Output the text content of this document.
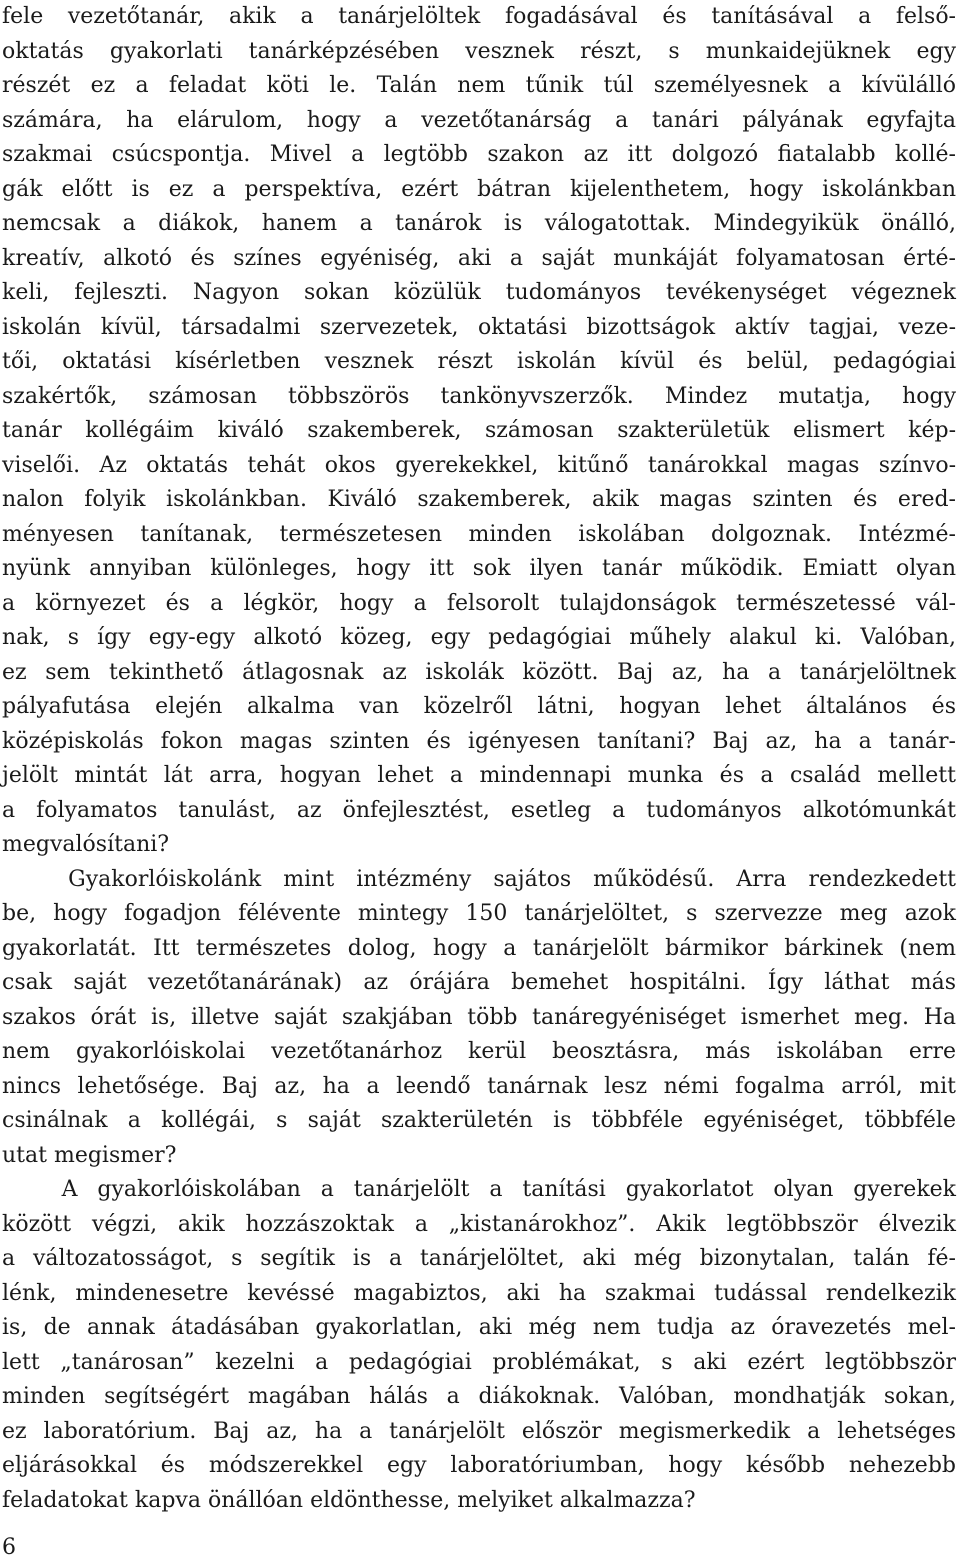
fele vezetőtanár, akik a tanárjelöltek fogadásával és tanításával a felső-
oktatás gyakorlati tanárképzésében vesznek részt, s munkaidejüknek egy
részét ez a feladat köti le. Talán nem tűnik túl személyesnek a kívülálló
számára, ha elárulom, hogy a vezetőtanárság a tanári pályának egyfajta
szakmai csúcspontja. Mivel a legtöbb szakon az itt dolgozó fiatalabb kollé-
gák előtt is ez a perspektíva, ezért bátran kijelenthetem, hogy iskolánkban
nemcsak a diákok, hanem a tanárok is válogatottak. Mindegyikük önálló,
kreatív, alkotó és színes egyéniség, aki a saját munkáját folyamatosan érté-
keli, fejleszti. Nagyon sokan közülük tudományos tevékenységet végeznek
iskolán kívül, társadalmi szervezetek, oktatási bizottságok aktív tagjai, veze-
tői, oktatási kísérletben vesznek részt iskolán kívül és belül, pedagógiai
szakértők, számosan többszörös tankönyvszerzők. Mindez mutatja, hogy
tanár kollégáim kiváló szakemberek, számosan szakterületük elismert kép-
viselői. Az oktatás tehát okos gyerekekkel, kitűnő tanárokkal magas színvo-
nalon folyik iskolánkban. Kiváló szakemberek, akik magas szinten és ered-
ményesen tanítanak, természetesen minden iskolában dolgoznak. Intézmé-
nyünk annyiban különleges, hogy itt sok ilyen tanár működik. Emiatt olyan
a környezet és a légkör, hogy a felsorolt tulajdonságok természetessé vál-
nak, s így egy-egy alkotó közeg, egy pedagógiai műhely alakul ki. Valóban,
ez sem tekinthető átlagosnak az iskolák között. Baj az, ha a tanárjelöltnek
pályafutása elején alkalma van közelről látni, hogyan lehet általános és
középiskolás fokon magas szinten és igényesen tanítani? Baj az, ha a tanár-
jelölt mintát lát arra, hogyan lehet a mindennapi munka és a család mellett
a folyamatos tanulást, az önfejlesztést, esetleg a tudományos alkotómunkát
megvalósítani?
Gyakorlóiskolánk mint intézmény sajátos működésű. Arra rendezkedett
be, hogy fogadjon félévente mintegy 150 tanárjelöltet, s szervezze meg azok
gyakorlatát. Itt természetes dolog, hogy a tanárjelölt bármikor bárkinek (nem
csak saját vezetőtanárának) az órájára bemehet hospitálni. Így láthat más
szakos órát is, illetve saját szakjában több tanáregyéniséget ismerhet meg. Ha
nem gyakorlóiskolai vezetőtanárhoz kerül beosztásra, más iskolában erre
nincs lehetősége. Baj az, ha a leendő tanárnak lesz némi fogalma arról, mit
csinálnak a kollégái, s saját szakterületén is többféle egyéniséget, többféle
utat megismer?
A gyakorlóiskolában a tanárjelölt a tanítási gyakorlatot olyan gyerekek
között végzi, akik hozzászoktak a „kistanárokhoz”. Akik legtöbbször élvezik
a változatosságot, s segítik is a tanárjelöltet, aki még bizonytalan, talán fé-
lénk, mindenesetre kevéssé magabiztos, aki ha szakmai tudással rendelkezik
is, de annak átadásában gyakorlatlan, aki még nem tudja az óravezetés mel-
lett „tanárosan” kezelni a pedagógiai problémákat, s aki ezért legtöbbször
minden segítségért magában hálás a diákoknak. Valóban, mondhatják sokan,
ez laboratórium. Baj az, ha a tanárjelölt először megismerkedik a lehetséges
eljárásokkal és módszerekkel egy laboratóriumban, hogy később nehezebb
feladatokat kapva önállóan eldönthesse, melyiket alkalmazza?
6
